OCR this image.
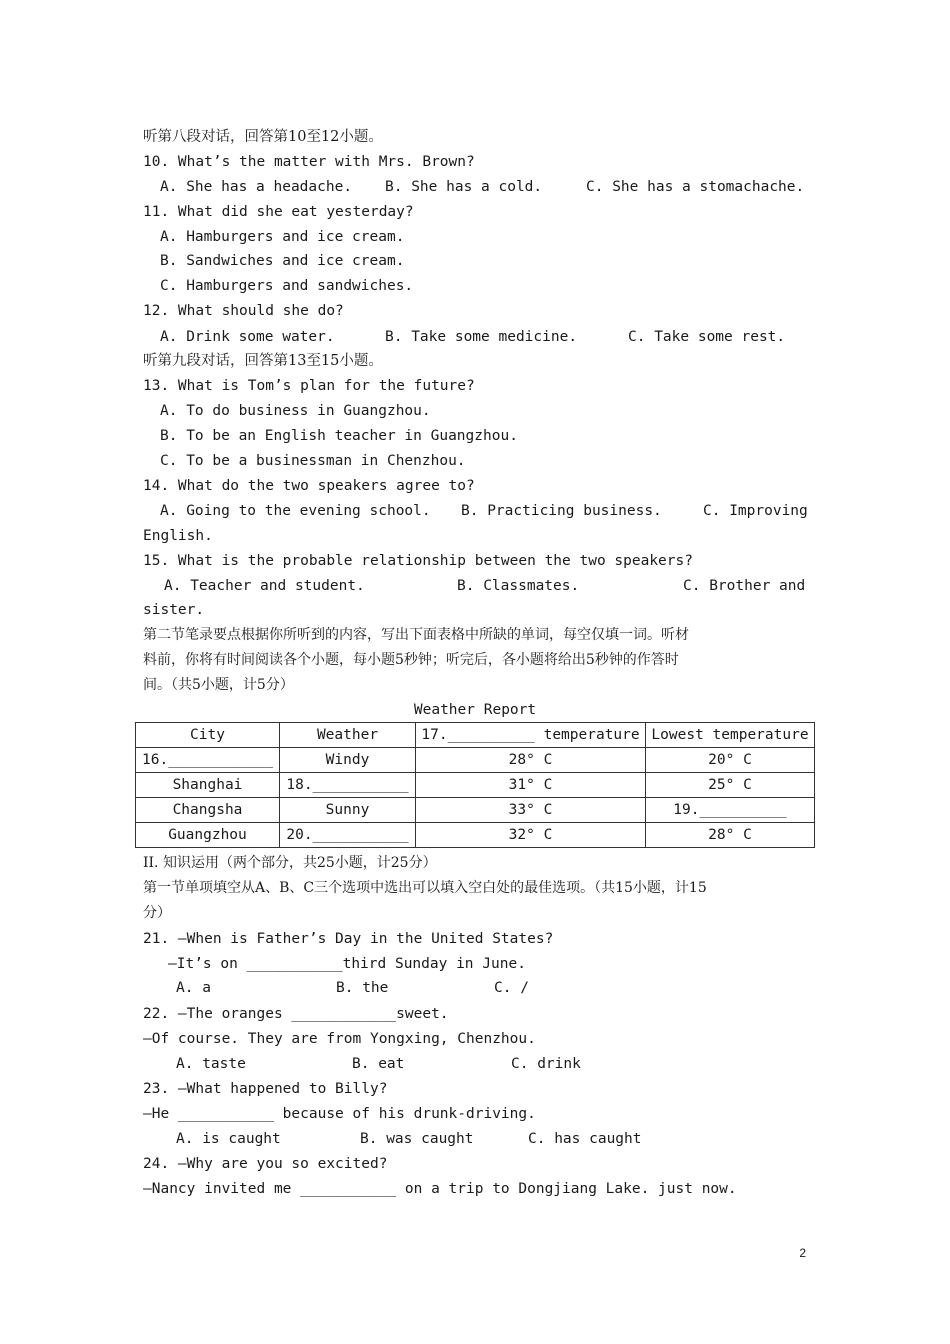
听第八段对话，回答第10至12小题。
10. What’s the matter with Mrs. Brown?
A. She has a headache. B. She has a cold.	C. She has a stomachache.
11. What did she eat yesterday?
A. Hamburgers and ice cream.
B. Sandwiches and ice cream.
C. Hamburgers and sandwiches.
12. What should she do?
A. Drink some water.	B. Take some medicine.	C. Take some rest.
听第九段对话，回答第13至15小题。
13. What is Tom’s plan for the future?
A. To do business in Guangzhou.
B. To be an English teacher in Guangzhou.
C. To be a businessman in Chenzhou.
14. What do the two speakers agree to?
A. Going to the evening school. B. Practicing business.	C. Improving
English.
15. What is the probable relationship between the two speakers?
A. Teacher and student.	B. Classmates.	C. Brother and
sister.
第二节笔录要点根据你所听到的内容，写出下面表格中所缺的单词，每空仅填一词。听材
料前，你将有时间阅读各个小题，每小题5秒钟；听完后，各小题将给出5秒钟的作答时
间。（共5小题，计5分）
Weather Report
City	Weather	17.__________ temperature	Lowest temperature
16.____________	Windy	28° C	20° C
Shanghai	18.___________	31° C	25° C
Changsha	Sunny	33° C	19.__________
Guangzhou	20.___________	32° C	28° C
II. 知识运用（两个部分，共25小题，计25分）
第一节单项填空从A、B、C三个选项中选出可以填入空白处的最佳选项。（共15小题，计15
分）
21. —When is Father’s Day in the United States?
—It’s on ___________third Sunday in June.
A. a	B. the	C. /
22. —The oranges ____________sweet.
—Of course. They are from Yongxing, Chenzhou.
A. taste	B. eat	C. drink
23. —What happened to Billy?
—He ___________ because of his drunk-driving.
A. is caught	B. was caught	C. has caught
24. —Why are you so excited?
—Nancy invited me ___________ on a trip to Dongjiang Lake. just now.
2
